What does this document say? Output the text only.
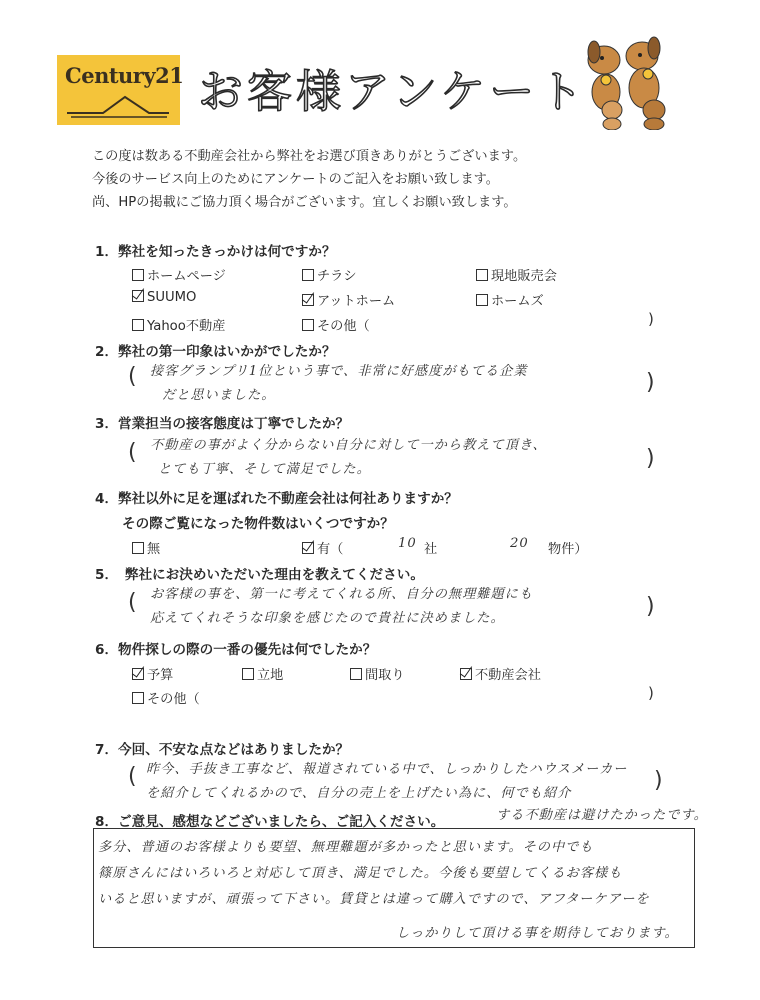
Century21 お客様アンケート
この度は数ある不動産会社から弊社をお選び頂きありがとうございます。
今後のサービス向上のためにアンケートのご記入をお願い致します。
尚、HPの掲載にご協力頂く場合がございます。宜しくお願い致します。
1．弊社を知ったきっかけは何ですか？
ホームページ	チラシ	現地販売会
SUUMO	アットホーム	ホームズ
Yahoo不動産	その他（	)
2．弊社の第一印象はいかがでしたか？
( 接客グランプリ1位という事で、非常に好感度がもてる企業
だと思いました。
)
3．営業担当の接客態度は丁寧でしたか？
( 不動産の事がよく分からない自分に対して一から教えて頂き、
とても丁寧、そして満足でした。	)
4．弊社以外に足を運ばれた不動産会社は何社ありますか？
その際ご覧になった物件数はいくつですか？
無	有（	10 社	20 物件）
5．　弊社にお決めいただいた理由を教えてください。
( お客様の事を、第一に考えてくれる所、自分の無理難題にも
応えてくれそうな印象を感じたので貴社に決めました。	)
6．物件探しの際の一番の優先は何でしたか？
予算	立地	間取り	不動産会社
その他（	)
7．今回、不安な点などはありましたか？
( 昨今、手抜き工事など、報道されている中で、しっかりしたハウスメーカー
を紹介してくれるかので、自分の売上を上げたい為に、何でも紹介
)
8．ご意見、感想などございましたら、ご記入ください。	する不動産は避けたかったです。
多分、普通のお客様よりも要望、無理難題が多かったと思います。その中でも
篠原さんにはいろいろと対応して頂き、満足でした。今後も要望してくるお客様も
いると思いますが、頑張って下さい。賃貸とは違って購入ですので、アフターケアーを
しっかりして頂ける事を期待しております。
